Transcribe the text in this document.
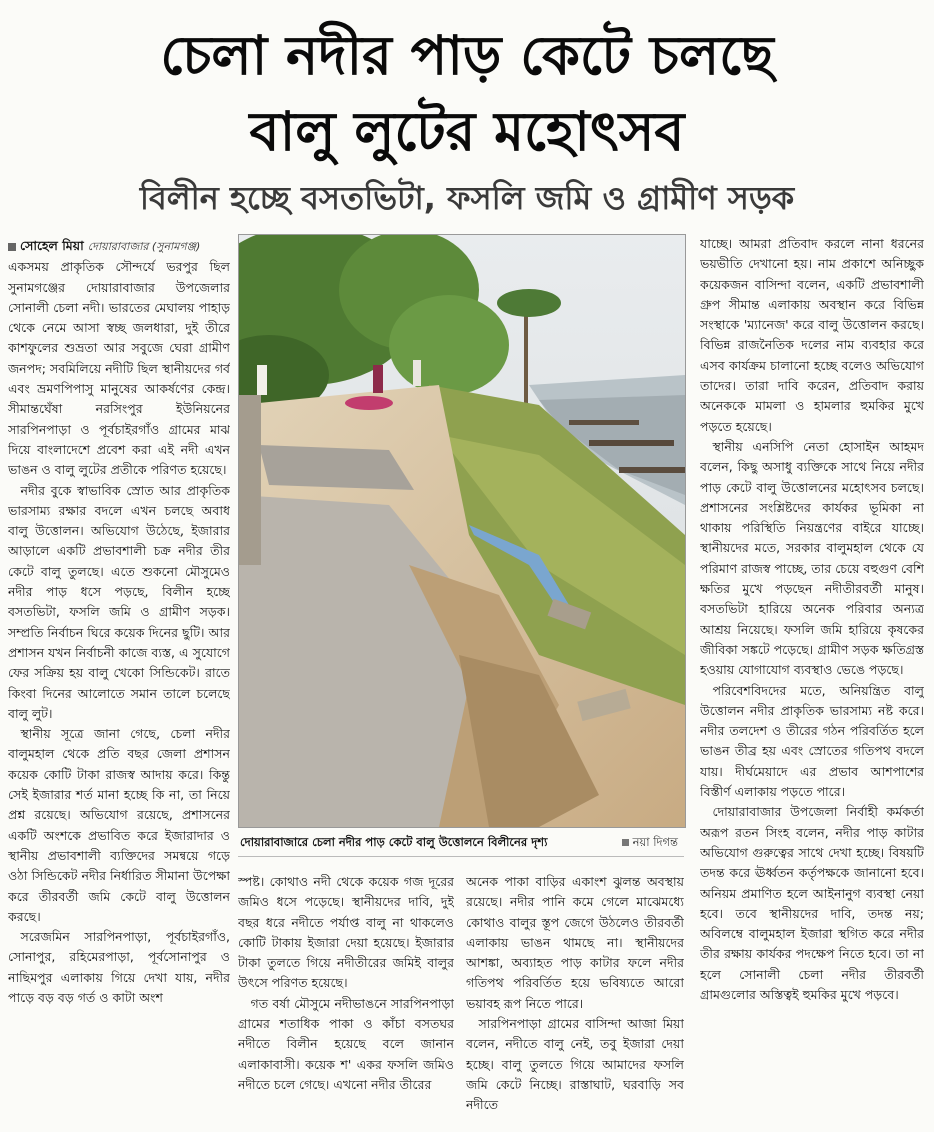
চেলা নদীর পাড় কেটে চলছে
বালু লুটের মহোৎসব
বিলীন হচ্ছে বসতভিটা, ফসলি জমি ও গ্রামীণ সড়ক

সোহেল মিয়া দোয়ারাবাজার (সুনামগঞ্জ)

একসময় প্রাকৃতিক সৌন্দর্যে ভরপুর ছিল সুনামগঞ্জের দোয়ারাবাজার উপজেলার সোনালী চেলা নদী। ভারতের মেঘালয় পাহাড় থেকে নেমে আসা স্বচ্ছ জলধারা, দুই তীরে কাশফুলের শুভ্রতা আর সবুজে ঘেরা গ্রামীণ জনপদ; সবমিলিয়ে নদীটি ছিল স্থানীয়দের গর্ব এবং ভ্রমণপিপাসু মানুষের আকর্ষণের কেন্দ্র। সীমান্তঘেঁষা নরসিংপুর ইউনিয়নের সারপিনপাড়া ও পূর্বচাইরগাঁও গ্রামের মাঝ দিয়ে বাংলাদেশে প্রবেশ করা এই নদী এখন ভাঙন ও বালু লুটের প্রতীকে পরিণত হয়েছে।

নদীর বুকে স্বাভাবিক স্রোত আর প্রাকৃতিক ভারসাম্য রক্ষার বদলে এখন চলছে অবাধ বালু উত্তোলন। অভিযোগ উঠেছে, ইজারার আড়ালে একটি প্রভাবশালী চক্র নদীর তীর কেটে বালু তুলছে। এতে শুকনো মৌসুমেও নদীর পাড় ধসে পড়ছে, বিলীন হচ্ছে বসতভিটা, ফসলি জমি ও গ্রামীণ সড়ক। সম্প্রতি নির্বাচন ঘিরে কয়েক দিনের ছুটি। আর প্রশাসন যখন নির্বাচনী কাজে ব্যস্ত, এ সুযোগে ফের সক্রিয় হয় বালু খেকো সিন্ডিকেট। রাতে কিংবা দিনের আলোতে সমান তালে চলেছে বালু লুট।

স্থানীয় সূত্রে জানা গেছে, চেলা নদীর বালুমহাল থেকে প্রতি বছর জেলা প্রশাসন কয়েক কোটি টাকা রাজস্ব আদায় করে। কিন্তু সেই ইজারার শর্ত মানা হচ্ছে কি না, তা নিয়ে প্রশ্ন রয়েছে। অভিযোগ রয়েছে, প্রশাসনের একটি অংশকে প্রভাবিত করে ইজারাদার ও স্থানীয় প্রভাবশালী ব্যক্তিদের সমন্বয়ে গড়ে ওঠা সিন্ডিকেট নদীর নির্ধারিত সীমানা উপেক্ষা করে তীরবর্তী জমি কেটে বালু উত্তোলন করছে।

সরেজমিন সারপিনপাড়া, পূর্বচাইরগাঁও, সোনাপুর, রহিমেরপাড়া, পূর্বসোনাপুর ও নাছিমপুর এলাকায় গিয়ে দেখা যায়, নদীর পাড়ে বড় বড় গর্ত ও কাটা অংশ

দোয়ারাবাজারে চেলা নদীর পাড় কেটে বালু উত্তোলনে বিলীনের দৃশ্য	নয়া দিগন্ত

স্পষ্ট। কোথাও নদী থেকে কয়েক গজ দূরের জমিও ধসে পড়েছে। স্থানীয়দের দাবি, দুই বছর ধরে নদীতে পর্যাপ্ত বালু না থাকলেও কোটি টাকায় ইজারা দেয়া হয়েছে। ইজারার টাকা তুলতে গিয়ে নদীতীরের জমিই বালুর উৎসে পরিণত হয়েছে।

গত বর্ষা মৌসুমে নদীভাঙনে সারপিনপাড়া গ্রামের শতাধিক পাকা ও কাঁচা বসতঘর নদীতে বিলীন হয়েছে বলে জানান এলাকাবাসী। কয়েক শ' একর ফসলি জমিও নদীতে চলে গেছে। এখনো নদীর তীরের

অনেক পাকা বাড়ির একাংশ ঝুলন্ত অবস্থায় রয়েছে। নদীর পানি কমে গেলে মাঝেমধ্যে কোথাও বালুর স্তূপ জেগে উঠলেও তীরবর্তী এলাকায় ভাঙন থামছে না। স্থানীয়দের আশঙ্কা, অব্যাহত পাড় কাটার ফলে নদীর গতিপথ পরিবর্তিত হয়ে ভবিষ্যতে আরো ভয়াবহ রূপ নিতে পারে।

সারপিনপাড়া গ্রামের বাসিন্দা আজা মিয়া বলেন, নদীতে বালু নেই, তবু ইজারা দেয়া হচ্ছে। বালু তুলতে গিয়ে আমাদের ফসলি জমি কেটে নিচ্ছে। রাস্তাঘাট, ঘরবাড়ি সব নদীতে

যাচ্ছে। আমরা প্রতিবাদ করলে নানা ধরনের ভয়ভীতি দেখানো হয়। নাম প্রকাশে অনিচ্ছুক কয়েকজন বাসিন্দা বলেন, একটি প্রভাবশালী গ্রুপ সীমান্ত এলাকায় অবস্থান করে বিভিন্ন সংস্থাকে 'ম্যানেজ' করে বালু উত্তোলন করছে। বিভিন্ন রাজনৈতিক দলের নাম ব্যবহার করে এসব কার্যক্রম চালানো হচ্ছে বলেও অভিযোগ তাদের। তারা দাবি করেন, প্রতিবাদ করায় অনেককে মামলা ও হামলার হুমকির মুখে পড়তে হয়েছে।

স্থানীয় এনসিপি নেতা হোসাইন আহমদ বলেন, কিছু অসাধু ব্যক্তিকে সাথে নিয়ে নদীর পাড় কেটে বালু উত্তোলনের মহোৎসব চলছে। প্রশাসনের সংশ্লিষ্টদের কার্যকর ভূমিকা না থাকায় পরিস্থিতি নিয়ন্ত্রণের বাইরে যাচ্ছে। স্থানীয়দের মতে, সরকার বালুমহাল থেকে যে পরিমাণ রাজস্ব পাচ্ছে, তার চেয়ে বহুগুণ বেশি ক্ষতির মুখে পড়ছেন নদীতীরবর্তী মানুষ। বসতভিটা হারিয়ে অনেক পরিবার অন্যত্র আশ্রয় নিয়েছে। ফসলি জমি হারিয়ে কৃষকের জীবিকা সঙ্কটে পড়েছে। গ্রামীণ সড়ক ক্ষতিগ্রস্ত হওয়ায় যোগাযোগ ব্যবস্থাও ভেঙে পড়ছে।

পরিবেশবিদদের মতে, অনিয়ন্ত্রিত বালু উত্তোলন নদীর প্রাকৃতিক ভারসাম্য নষ্ট করে। নদীর তলদেশ ও তীরের গঠন পরিবর্তিত হলে ভাঙন তীব্র হয় এবং স্রোতের গতিপথ বদলে যায়। দীর্ঘমেয়াদে এর প্রভাব আশপাশের বিস্তীর্ণ এলাকায় পড়তে পারে।

দোয়ারাবাজার উপজেলা নির্বাহী কর্মকর্তা অরূপ রতন সিংহ বলেন, নদীর পাড় কাটার অভিযোগ গুরুত্বের সাথে দেখা হচ্ছে। বিষয়টি তদন্ত করে ঊর্ধ্বতন কর্তৃপক্ষকে জানানো হবে। অনিয়ম প্রমাণিত হলে আইনানুগ ব্যবস্থা নেয়া হবে। তবে স্থানীয়দের দাবি, তদন্ত নয়; অবিলম্বে বালুমহাল ইজারা স্থগিত করে নদীর তীর রক্ষায় কার্যকর পদক্ষেপ নিতে হবে। তা না হলে সোনালী চেলা নদীর তীরবর্তী গ্রামগুলোর অস্তিত্বই হুমকির মুখে পড়বে।
